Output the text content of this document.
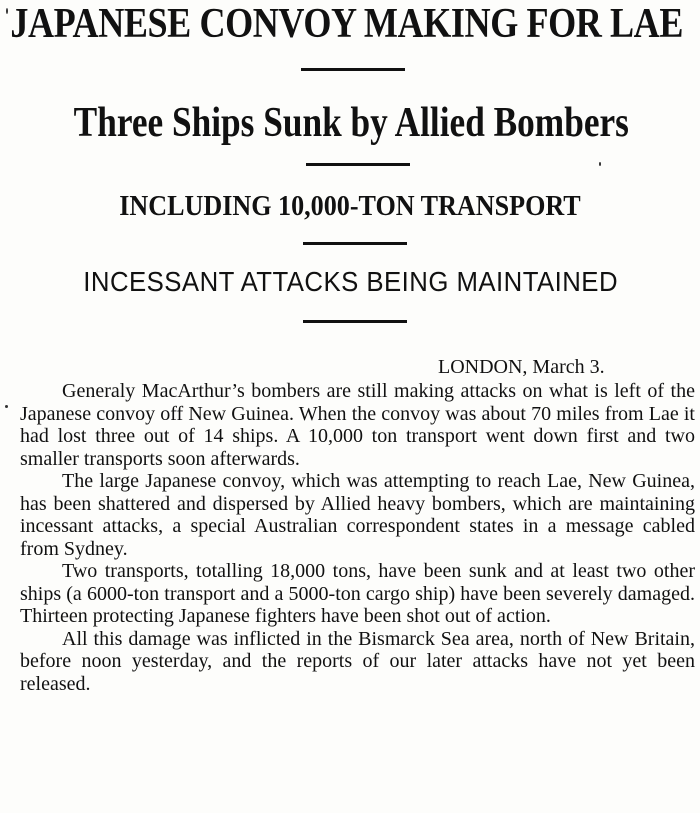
JAPANESE CONVOY MAKING FOR LAE
Three Ships Sunk by Allied Bombers
INCLUDING 10,000-TON TRANSPORT
INCESSANT ATTACKS BEING MAINTAINED
LONDON, March 3.

Generaly MacArthur’s bombers are still making attacks on what is left of the Japanese convoy off New Guinea. When the convoy was about 70 miles from Lae it had lost three out of 14 ships. A 10,000 ton transport went down first and two smaller transports soon afterwards.

The large Japanese convoy, which was attempting to reach Lae, New Guinea, has been shattered and dispersed by Allied heavy bombers, which are maintaining incessant attacks, a special Australian correspondent states in a message cabled from Sydney.

Two transports, totalling 18,000 tons, have been sunk and at least two other ships (a 6000-ton transport and a 5000-ton cargo ship) have been severely damaged. Thirteen protecting Japanese fighters have been shot out of action.

All this damage was inflicted in the Bismarck Sea area, north of New Britain, before noon yesterday, and the reports of our later attacks have not yet been released.
